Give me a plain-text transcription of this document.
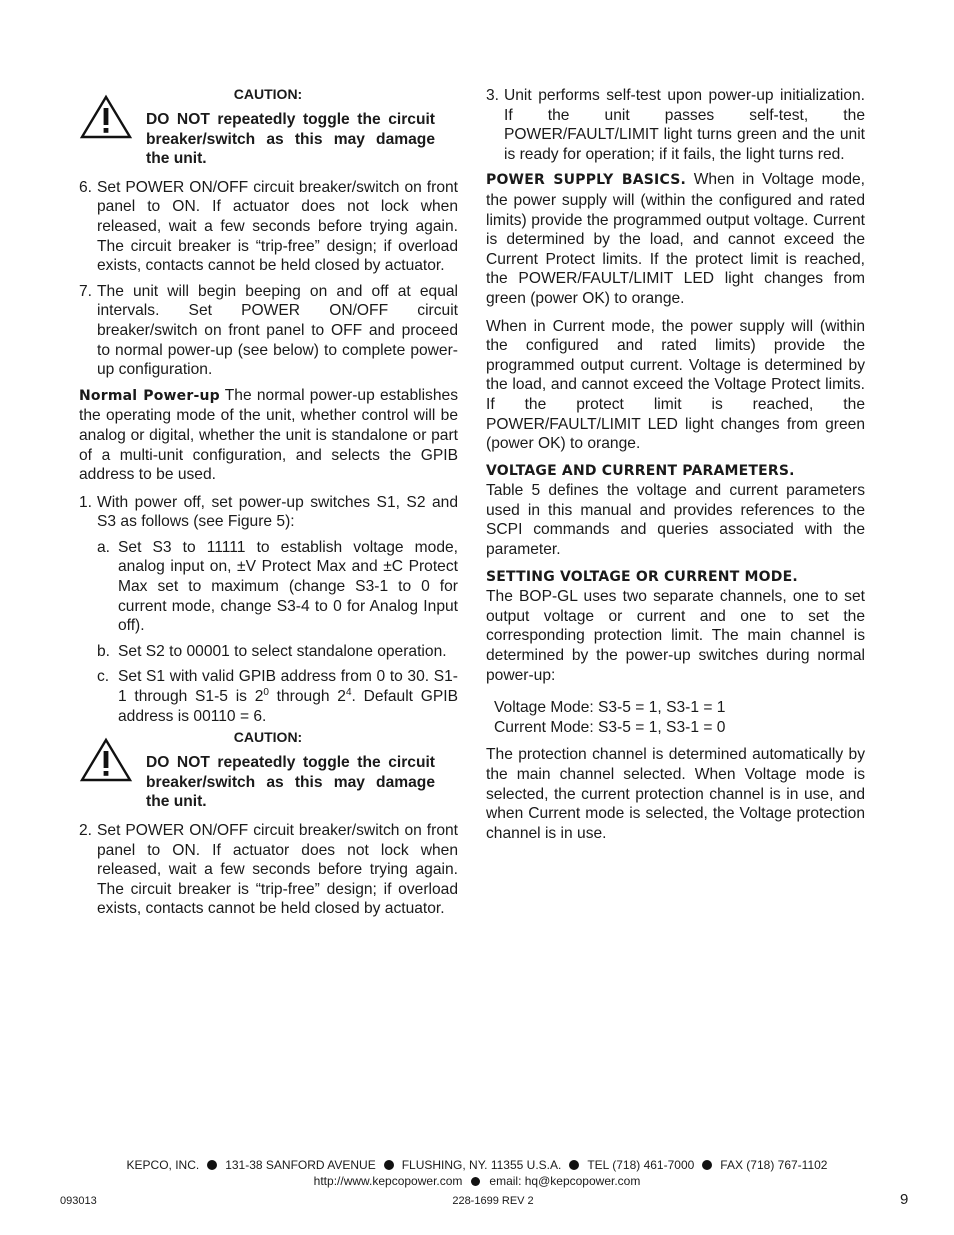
CAUTION:
DO NOT repeatedly toggle the circuit breaker/switch as this may damage the unit.
6. Set POWER ON/OFF circuit breaker/switch on front panel to ON. If actuator does not lock when released, wait a few seconds before trying again. The circuit breaker is “trip-free” design; if overload exists, contacts cannot be held closed by actuator.
7. The unit will begin beeping on and off at equal intervals. Set POWER ON/OFF circuit breaker/switch on front panel to OFF and proceed to normal power-up (see below) to complete power-up configuration.

Normal Power-up The normal power-up establishes the operating mode of the unit, whether control will be analog or digital, whether the unit is standalone or part of a multi-unit configuration, and selects the GPIB address to be used.

1. With power off, set power-up switches S1, S2 and S3 as follows (see Figure 5):
a. Set S3 to 11111 to establish voltage mode, analog input on, ±V Protect Max and ±C Protect Max set to maximum (change S3-1 to 0 for current mode, change S3-4 to 0 for Analog Input off).
b. Set S2 to 00001 to select standalone operation.
c. Set S1 with valid GPIB address from 0 to 30. S1-1 through S1-5 is $2^0$ through $2^4$. Default GPIB address is 00110 = 6.
CAUTION:
DO NOT repeatedly toggle the circuit breaker/switch as this may damage the unit.
2. Set POWER ON/OFF circuit breaker/switch on front panel to ON. If actuator does not lock when released, wait a few seconds before trying again. The circuit breaker is “trip-free” design; if overload exists, contacts cannot be held closed by actuator.
3. Unit performs self-test upon power-up initialization. If the unit passes self-test, the POWER/FAULT/LIMIT light turns green and the unit is ready for operation; if it fails, the light turns red.

POWER SUPPLY BASICS. When in Voltage mode, the power supply will (within the configured and rated limits) provide the programmed output voltage. Current is determined by the load, and cannot exceed the Current Protect limits. If the protect limit is reached, the POWER/FAULT/LIMIT LED light changes from green (power OK) to orange.

When in Current mode, the power supply will (within the configured and rated limits) provide the programmed output current. Voltage is determined by the load, and cannot exceed the Voltage Protect limits. If the protect limit is reached, the POWER/FAULT/LIMIT LED light changes from green (power OK) to orange.

VOLTAGE AND CURRENT PARAMETERS.

Table 5 defines the voltage and current parameters used in this manual and provides references to the SCPI commands and queries associated with the parameter.

SETTING VOLTAGE OR CURRENT MODE.

The BOP-GL uses two separate channels, one to set output voltage or current and one to set the corresponding protection limit. The main channel is determined by the power-up switches during normal power-up:

Voltage Mode: S3-5 = 1, S3-1 = 1

Current Mode: S3-5 = 1, S3-1 = 0

The protection channel is determined automatically by the main channel selected. When Voltage mode is selected, the current protection channel is in use, and when Current mode is selected, the Voltage protection channel is in use.

KEPCO, INC. 131-38 SANFORD AVENUE FLUSHING, NY. 11355 U.S.A. TEL (718) 461-7000 FAX (718) 767-1102
http://www.kepcopower.com email: hq@kepcopower.com
093013	228-1699 REV 2	9
